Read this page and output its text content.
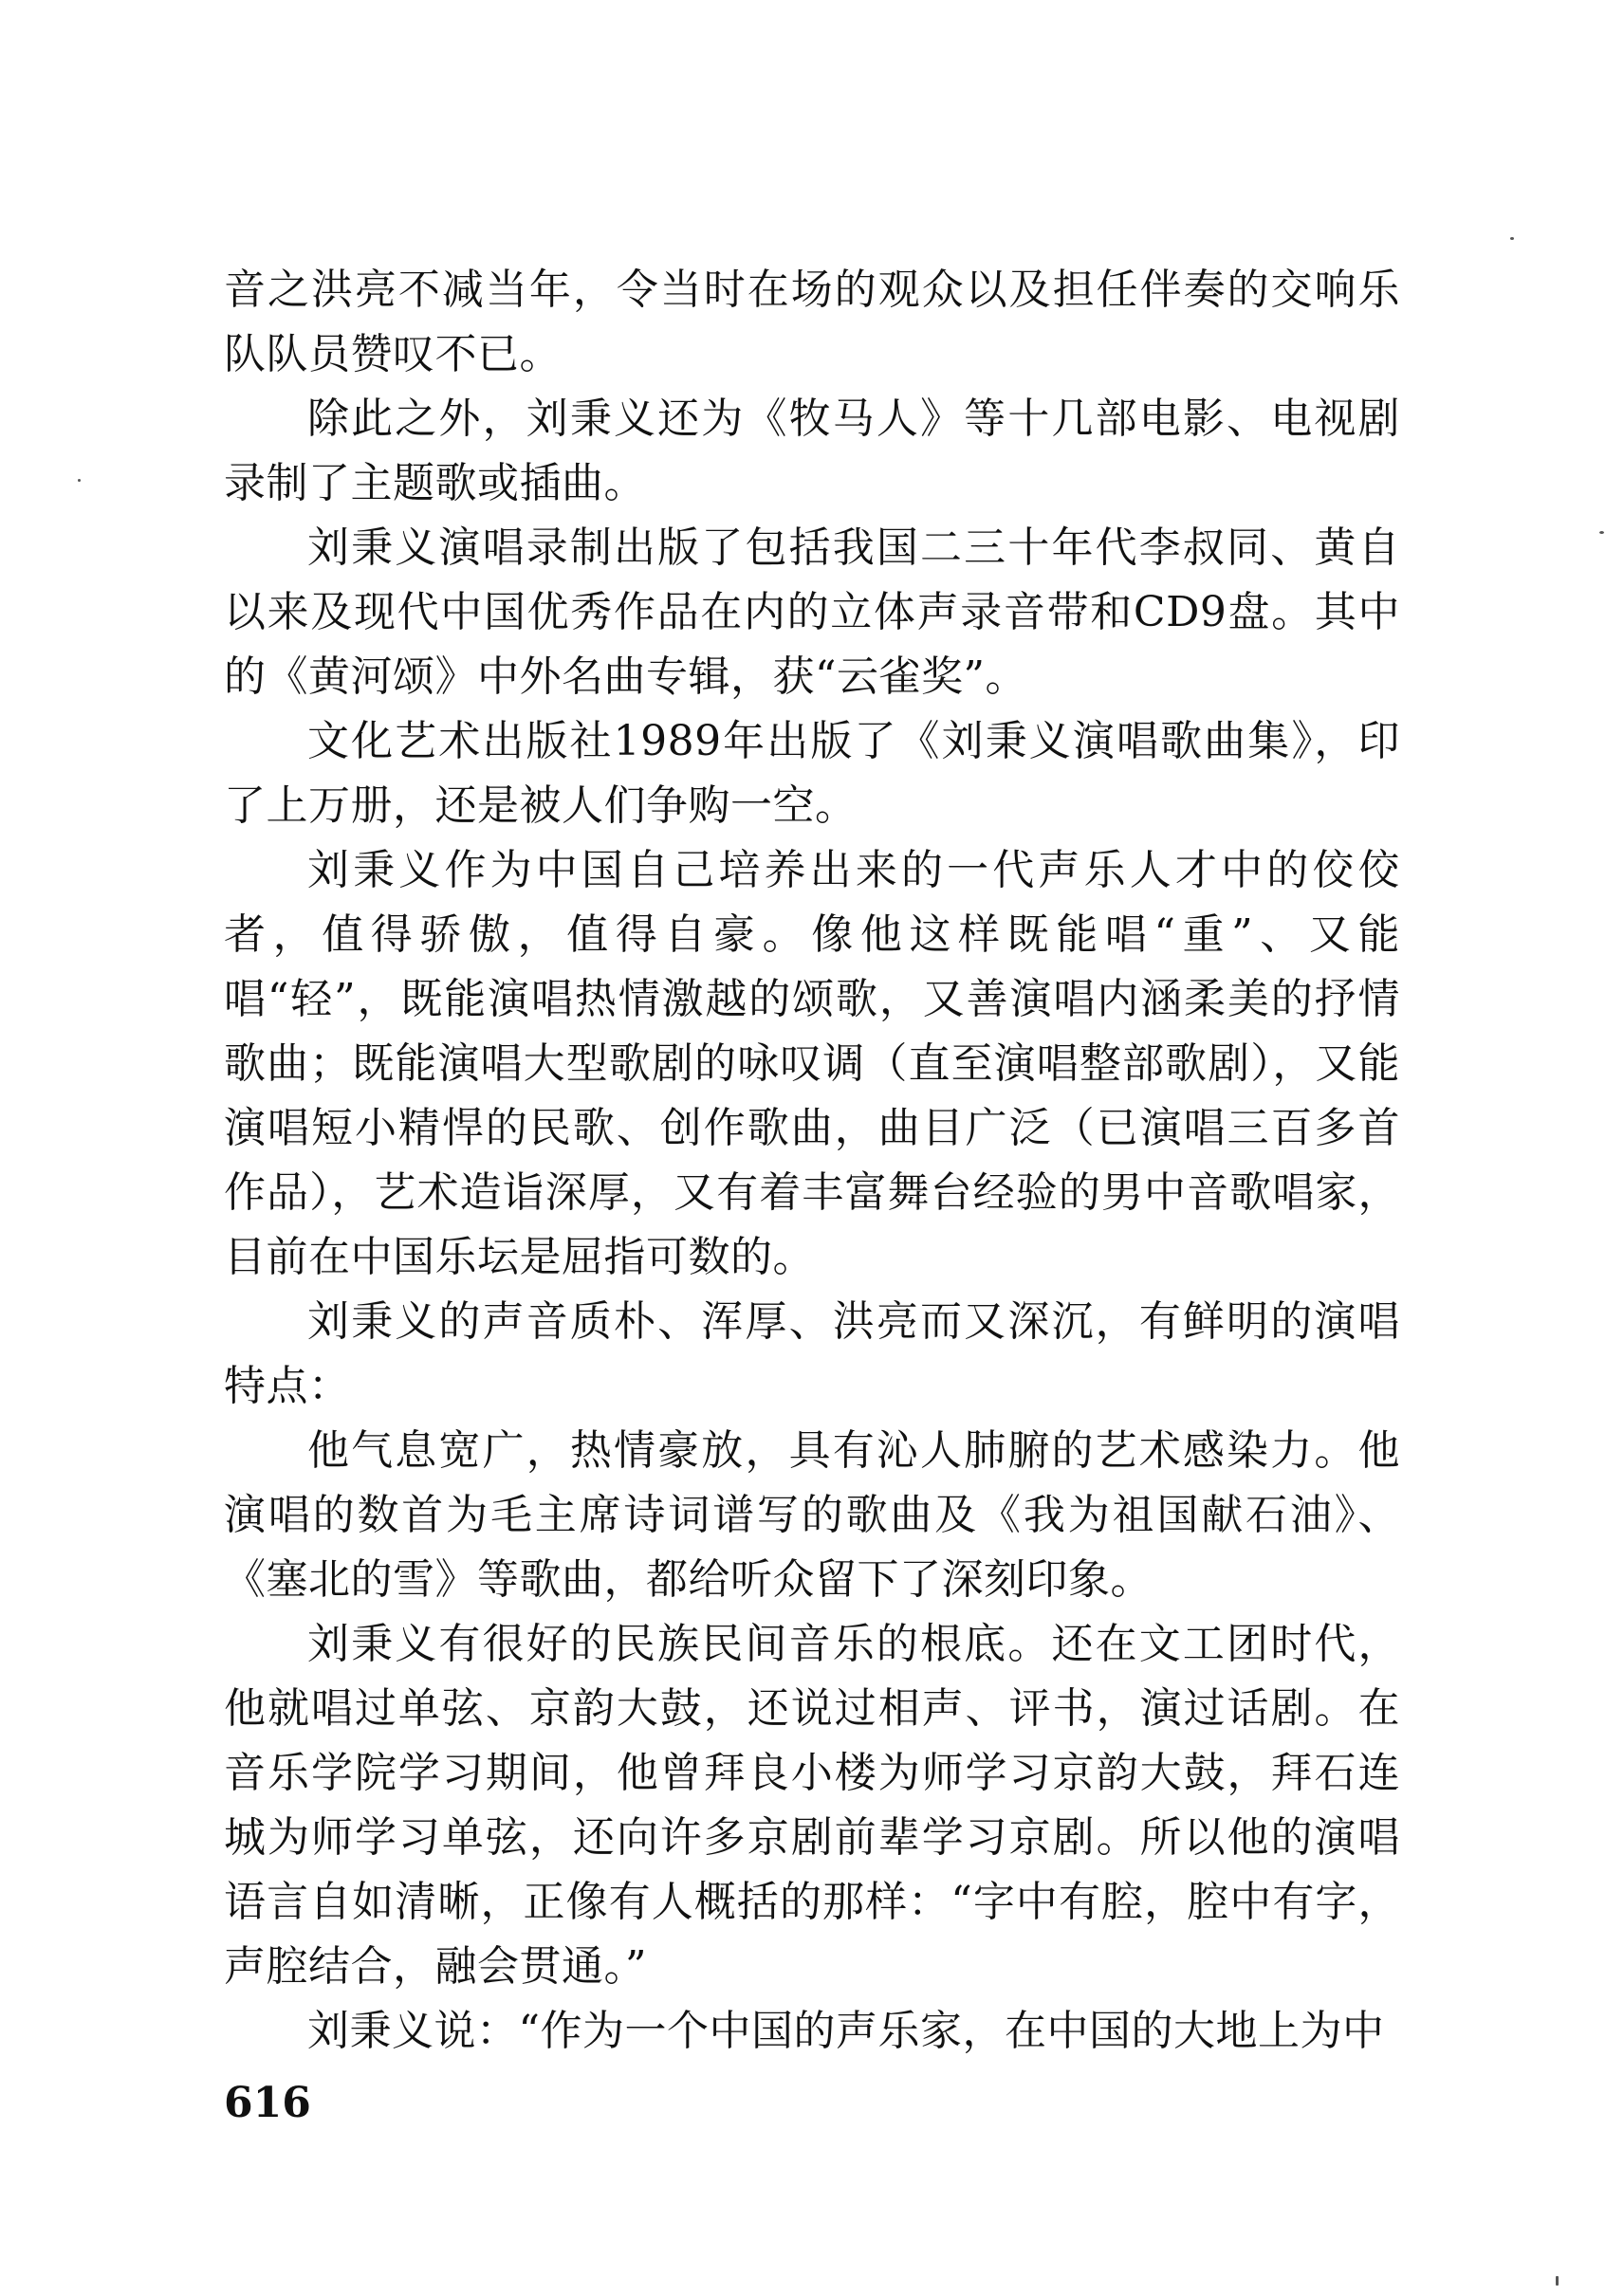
音之洪亮不减当年，令当时在场的观众以及担任伴奏的交响乐队队员赞叹不已。

除此之外，刘秉义还为《牧马人》等十几部电影、电视剧录制了主题歌或插曲。

刘秉义演唱录制出版了包括我国二三十年代李叔同、黄自以来及现代中国优秀作品在内的立体声录音带和CD9盘。其中的《黄河颂》中外名曲专辑，获“云雀奖”。

文化艺术出版社1989年出版了《刘秉义演唱歌曲集》，印了上万册，还是被人们争购一空。

刘秉义作为中国自己培养出来的一代声乐人才中的佼佼者，值得骄傲，值得自豪。像他这样既能唱“重”、又能唱“轻”，既能演唱热情激越的颂歌，又善演唱内涵柔美的抒情歌曲；既能演唱大型歌剧的咏叹调（直至演唱整部歌剧），又能演唱短小精悍的民歌、创作歌曲，曲目广泛（已演唱三百多首作品），艺术造诣深厚，又有着丰富舞台经验的男中音歌唱家，目前在中国乐坛是屈指可数的。

刘秉义的声音质朴、浑厚、洪亮而又深沉，有鲜明的演唱特点：

他气息宽广，热情豪放，具有沁人肺腑的艺术感染力。他演唱的数首为毛主席诗词谱写的歌曲及《我为祖国献石油》、《塞北的雪》等歌曲，都给听众留下了深刻印象。

刘秉义有很好的民族民间音乐的根底。还在文工团时代，他就唱过单弦、京韵大鼓，还说过相声、评书，演过话剧。在音乐学院学习期间，他曾拜良小楼为师学习京韵大鼓，拜石连城为师学习单弦，还向许多京剧前辈学习京剧。所以他的演唱语言自如清晰，正像有人概括的那样：“字中有腔，腔中有字，声腔结合，融会贯通。”

刘秉义说：“作为一个中国的声乐家，在中国的大地上为中

616
